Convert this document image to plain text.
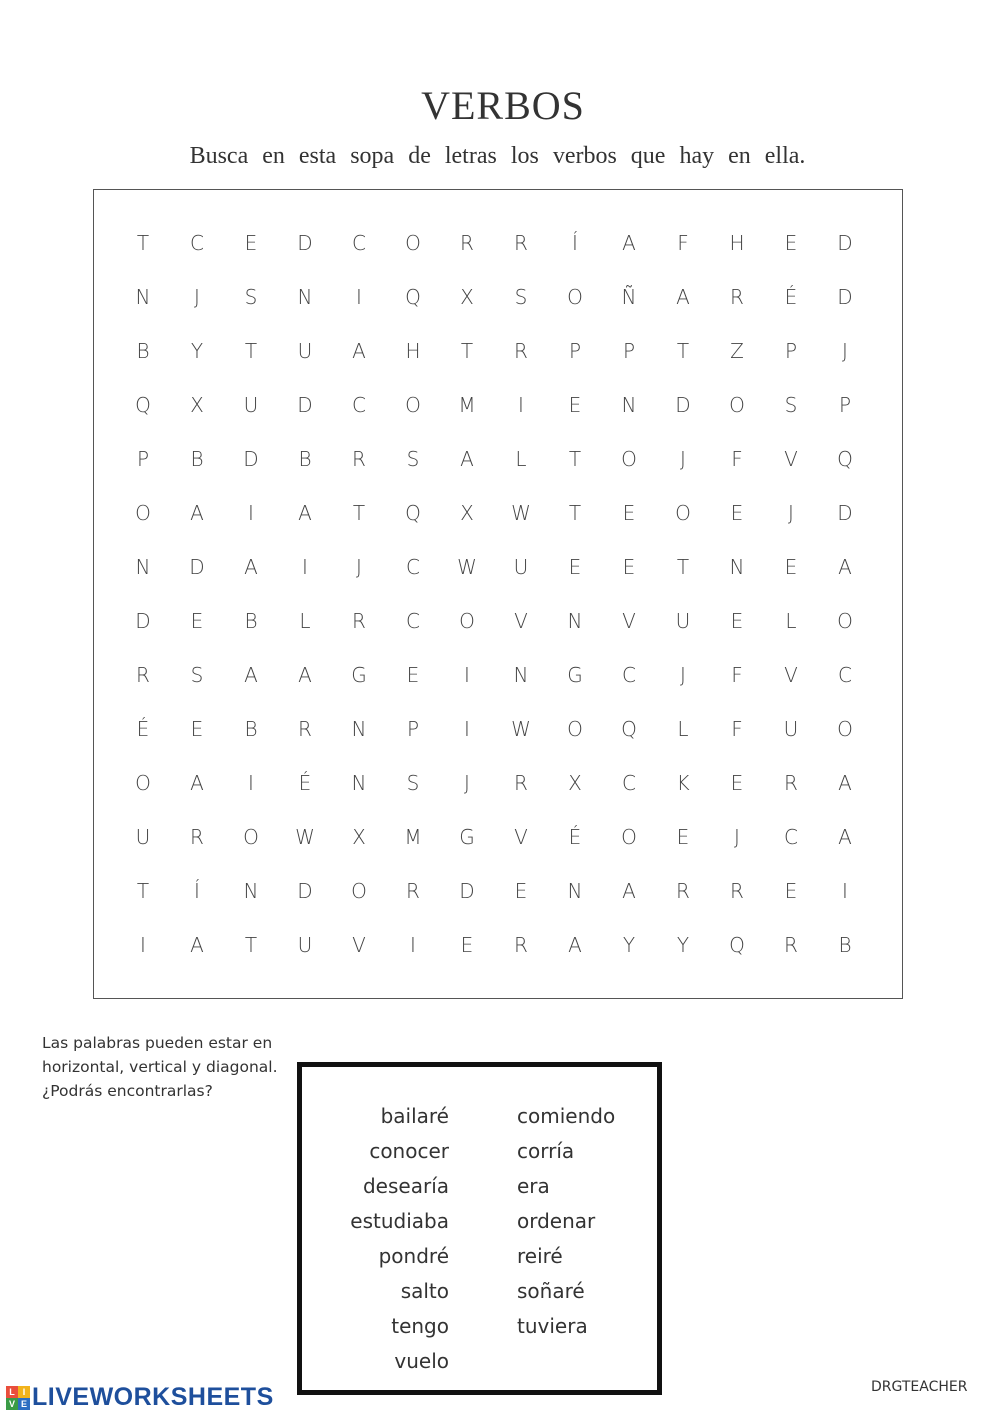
VERBOS
Busca en esta sopa de letras los verbos que hay en ella.
T	C	E	D	C	O	R	R	Í	A	F	H	E	D
N	J	S	N	I	Q	X	S	O	Ñ	A	R	É	D
B	Y	T	U	A	H	T	R	P	P	T	Z	P	J
Q	X	U	D	C	O	M	I	E	N	D	O	S	P
P	B	D	B	R	S	A	L	T	O	J	F	V	Q
O	A	I	A	T	Q	X	W	T	E	O	E	J	D
N	D	A	I	J	C	W	U	E	E	T	N	E	A
D	E	B	L	R	C	O	V	N	V	U	E	L	O
R	S	A	A	G	E	I	N	G	C	J	F	V	C
É	E	B	R	N	P	I	W	O	Q	L	F	U	O
O	A	I	É	N	S	J	R	X	C	K	E	R	A
U	R	O	W	X	M	G	V	É	O	E	J	C	A
T	Í	N	D	O	R	D	E	N	A	R	R	E	I
I	A	T	U	V	I	E	R	A	Y	Y	Q	R	B
Las palabras pueden estar en horizontal, vertical y diagonal. ¿Podrás encontrarlas?
bailaré
conocer
desearía
estudiaba
pondré
salto
tengo
vuelo
comiendo
corría
era
ordenar
reiré
soñaré
tuviera
L I
V E LIVEWORKSHEETS	DRGTEACHER
